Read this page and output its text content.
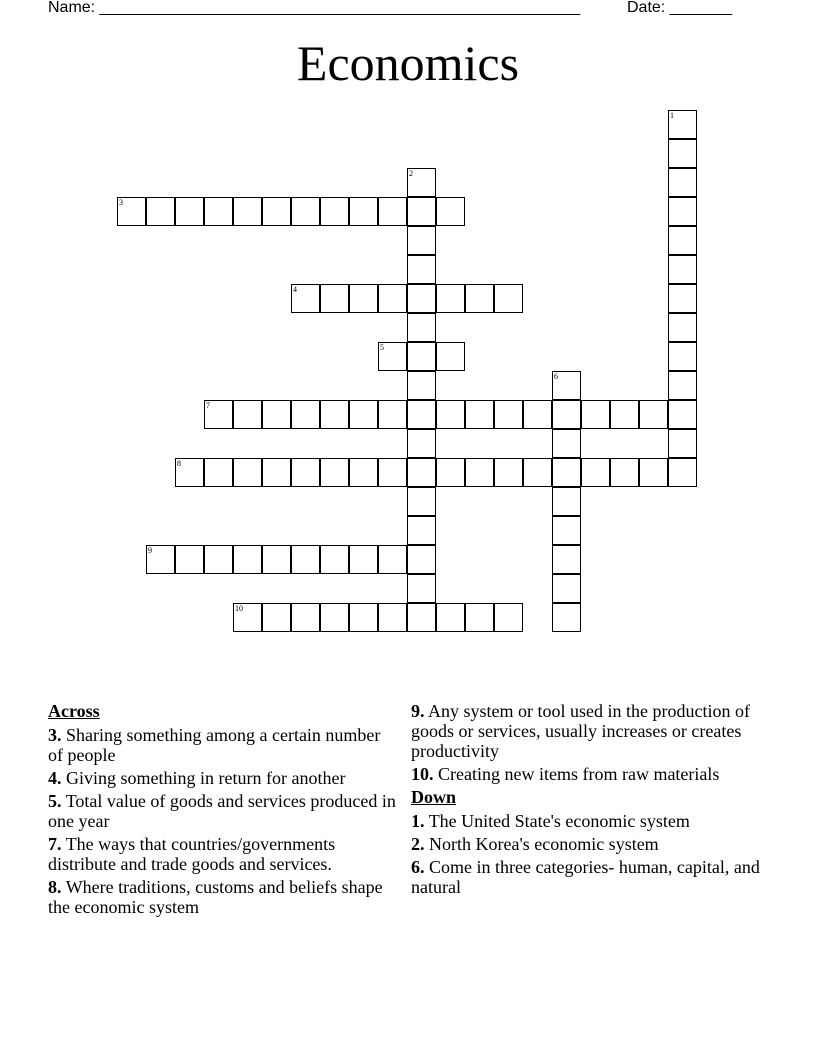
Name: ______________________________________________________	Date: _______
Economics
1
2
3
4
5
6
7
8
9
10
Across
3. Sharing something among a certain number of people
4. Giving something in return for another
5. Total value of goods and services produced in one year
7. The ways that countries/governments distribute and trade goods and services.
8. Where traditions, customs and beliefs shape the economic system
9. Any system or tool used in the production of goods or services, usually increases or creates productivity
10. Creating new items from raw materials
Down
1. The United State's economic system
2. North Korea's economic system
6. Come in three categories- human, capital, and natural
